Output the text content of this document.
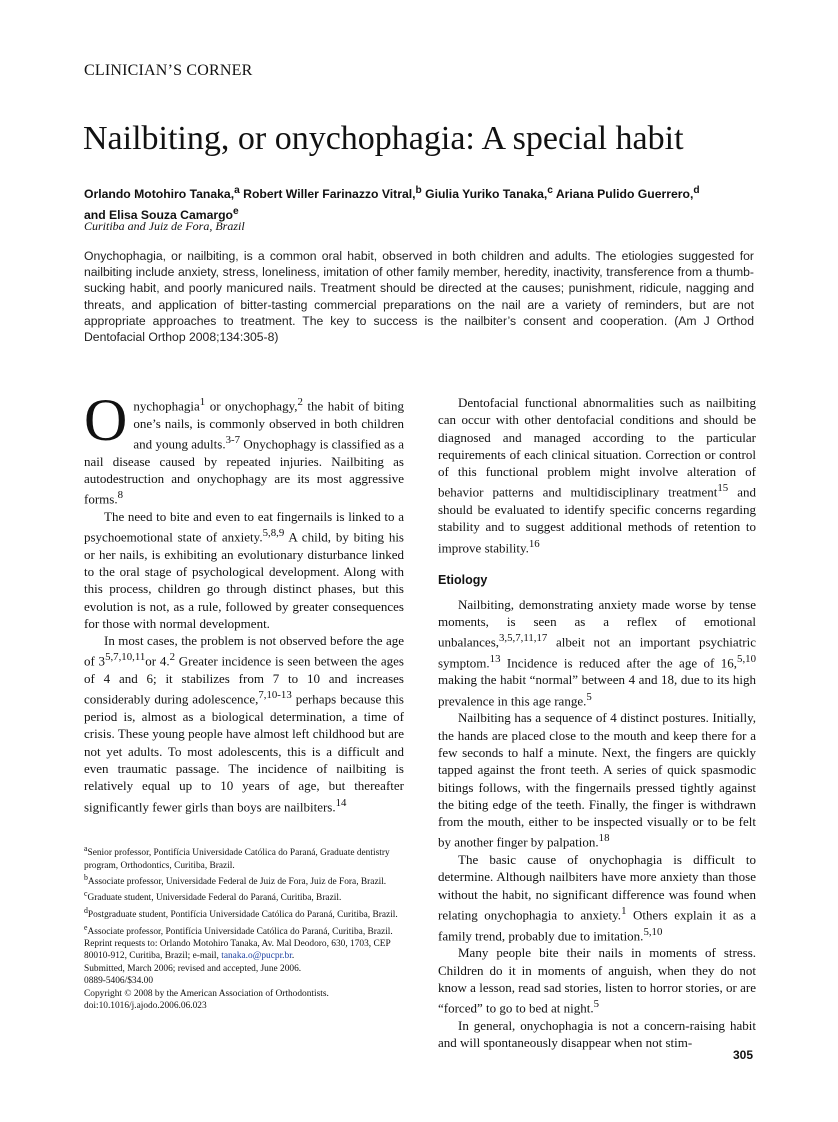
CLINICIAN’S CORNER
Nailbiting, or onychophagia: A special habit
Orlando Motohiro Tanaka,$^a$ Robert Willer Farinazzo Vitral,$^b$ Giulia Yuriko Tanaka,$^c$ Ariana Pulido Guerrero,$^d$
and Elisa Souza Camargo$^e$
Curitiba and Juiz de Fora, Brazil
Onychophagia, or nailbiting, is a common oral habit, observed in both children and adults. The etiologies suggested for nailbiting include anxiety, stress, loneliness, imitation of other family member, heredity, inactivity, transference from a thumb-sucking habit, and poorly manicured nails. Treatment should be directed at the causes; punishment, ridicule, nagging and threats, and application of bitter-tasting commercial preparations on the nail are a variety of reminders, but are not appropriate approaches to treatment. The key to success is the nailbiter’s consent and cooperation. (Am J Orthod Dentofacial Orthop 2008;134:305-8)

Onychophagia$^1$ or onychophagy,$^2$ the habit of biting one’s nails, is commonly observed in both children and young adults.$^{3-7}$ Onychophagy is classified as a nail disease caused by repeated injuries. Nailbiting as autodestruction and onychophagy are its most aggressive forms.$^8$

The need to bite and even to eat fingernails is linked to a psychoemotional state of anxiety.$^{5,8,9}$ A child, by biting his or her nails, is exhibiting an evolutionary disturbance linked to the oral stage of psychological development. Along with this process, children go through distinct phases, but this evolution is not, as a rule, followed by greater consequences for those with normal development.

In most cases, the problem is not observed before the age of 3$^{5,7,10,11}$or 4.$^2$ Greater incidence is seen between the ages of 4 and 6; it stabilizes from 7 to 10 and increases considerably during adolescence,$^{7,10-13}$ perhaps because this period is, almost as a biological determination, a time of crisis. These young people have almost left childhood but are not yet adults. To most adolescents, this is a difficult and even traumatic passage. The incidence of nailbiting is relatively equal up to 10 years of age, but thereafter significantly fewer girls than boys are nailbiters.$^{14}$

$^a$Senior professor, Pontifícia Universidade Católica do Paraná, Graduate dentistry program, Orthodontics, Curitiba, Brazil.
$^b$Associate professor, Universidade Federal de Juiz de Fora, Juiz de Fora, Brazil.
$^c$Graduate student, Universidade Federal do Paraná, Curitiba, Brazil.
$^d$Postgraduate student, Pontifícia Universidade Católica do Paraná, Curitiba, Brazil.
$^e$Associate professor, Pontifícia Universidade Católica do Paraná, Curitiba, Brazil.
Reprint requests to: Orlando Motohiro Tanaka, Av. Mal Deodoro, 630, 1703, CEP 80010-912, Curitiba, Brazil; e-mail, tanaka.o@pucpr.br.
Submitted, March 2006; revised and accepted, June 2006.
0889-5406/$34.00
Copyright © 2008 by the American Association of Orthodontists.
doi:10.1016/j.ajodo.2006.06.023

Dentofacial functional abnormalities such as nailbiting can occur with other dentofacial conditions and should be diagnosed and managed according to the particular requirements of each clinical situation. Correction or control of this functional problem might involve alteration of behavior patterns and multidisciplinary treatment$^{15}$ and should be evaluated to identify specific concerns regarding stability and to suggest additional methods of retention to improve stability.$^{16}$

Etiology

Nailbiting, demonstrating anxiety made worse by tense moments, is seen as a reflex of emotional unbalances,$^{3,5,7,11,17}$ albeit not an important psychiatric symptom.$^{13}$ Incidence is reduced after the age of 16,$^{5,10}$ making the habit “normal” between 4 and 18, due to its high prevalence in this age range.$^5$

Nailbiting has a sequence of 4 distinct postures. Initially, the hands are placed close to the mouth and keep there for a few seconds to half a minute. Next, the fingers are quickly tapped against the front teeth. A series of quick spasmodic bitings follows, with the fingernails pressed tightly against the biting edge of the teeth. Finally, the finger is withdrawn from the mouth, either to be inspected visually or to be felt by another finger by palpation.$^{18}$

The basic cause of onychophagia is difficult to determine. Although nailbiters have more anxiety than those without the habit, no significant difference was found when relating onychophagia to anxiety.$^1$ Others explain it as a family trend, probably due to imitation.$^{5,10}$

Many people bite their nails in moments of stress. Children do it in moments of anguish, when they do not know a lesson, read sad stories, listen to horror stories, or are “forced” to go to bed at night.$^5$

In general, onychophagia is not a concern-raising habit and will spontaneously disappear when not stim-

305
